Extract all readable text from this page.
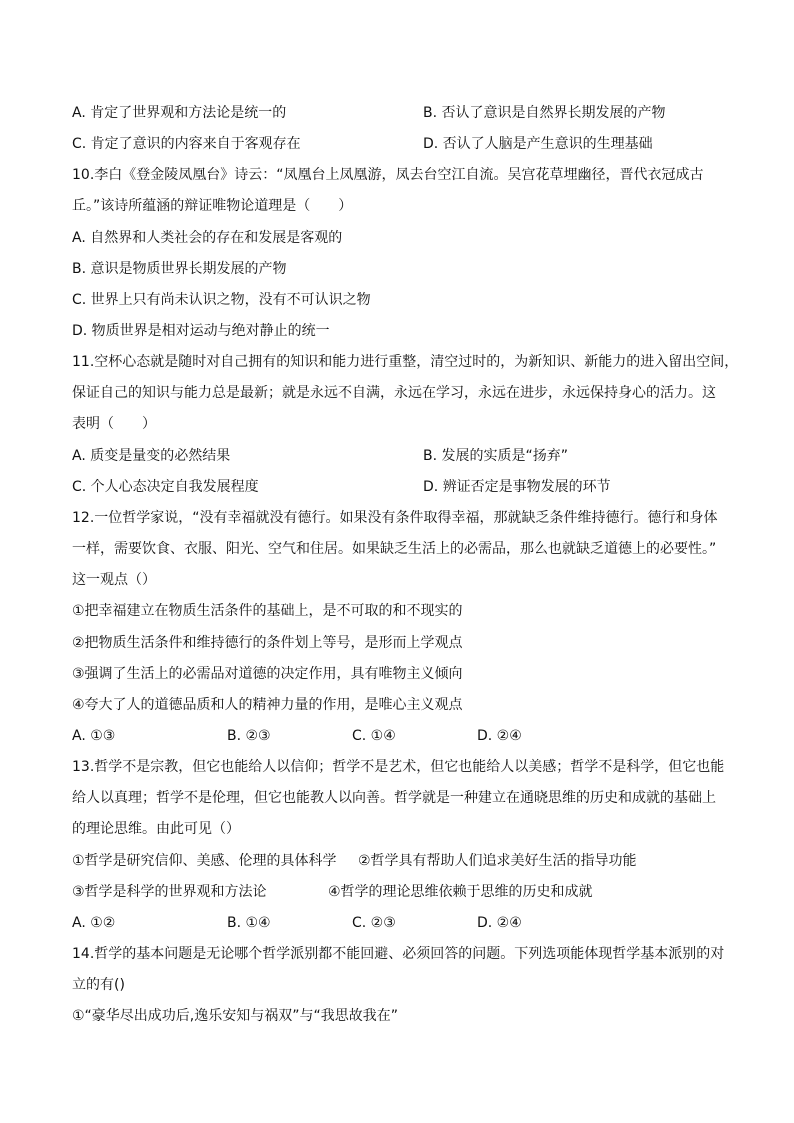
A. 肯定了世界观和方法论是统一的	B. 否认了意识是自然界长期发展的产物
C. 肯定了意识的内容来自于客观存在	D. 否认了人脑是产生意识的生理基础
10.李白《登金陵凤凰台》诗云：“凤凰台上凤凰游，凤去台空江自流。吴宫花草埋幽径，晋代衣冠成古
丘。”该诗所蕴涵的辩证唯物论道理是（　　）
A. 自然界和人类社会的存在和发展是客观的
B. 意识是物质世界长期发展的产物
C. 世界上只有尚未认识之物，没有不可认识之物
D. 物质世界是相对运动与绝对静止的统一
11.空杯心态就是随时对自己拥有的知识和能力进行重整，清空过时的，为新知识、新能力的进入留出空间，
保证自己的知识与能力总是最新；就是永远不自满，永远在学习，永远在进步，永远保持身心的活力。这
表明（　　）
A. 质变是量变的必然结果	B. 发展的实质是“扬弃”
C. 个人心态决定自我发展程度	D. 辨证否定是事物发展的环节
12.一位哲学家说，“没有幸福就没有德行。如果没有条件取得幸福，那就缺乏条件维持德行。德行和身体
一样，需要饮食、衣服、阳光、空气和住居。如果缺乏生活上的必需品，那么也就缺乏道德上的必要性。”
这一观点（）
①把幸福建立在物质生活条件的基础上，是不可取的和不现实的
②把物质生活条件和维持德行的条件划上等号，是形而上学观点
③强调了生活上的必需品对道德的决定作用，具有唯物主义倾向
④夸大了人的道德品质和人的精神力量的作用，是唯心主义观点
A. ①③	B. ②③	C. ①④	D. ②④
13.哲学不是宗教，但它也能给人以信仰；哲学不是艺术，但它也能给人以美感；哲学不是科学，但它也能
给人以真理；哲学不是伦理，但它也能教人以向善。哲学就是一种建立在通晓思维的历史和成就的基础上
的理论思维。由此可见（）
①哲学是研究信仰、美感、伦理的具体科学 ②哲学具有帮助人们追求美好生活的指导功能
③哲学是科学的世界观和方法论	④哲学的理论思维依赖于思维的历史和成就
A. ①②	B. ①④	C. ②③	D. ②④
14.哲学的基本问题是无论哪个哲学派别都不能回避、必须回答的问题。下列选项能体现哲学基本派别的对
立的有()
①“豪华尽出成功后,逸乐安知与祸双”与“我思故我在”
